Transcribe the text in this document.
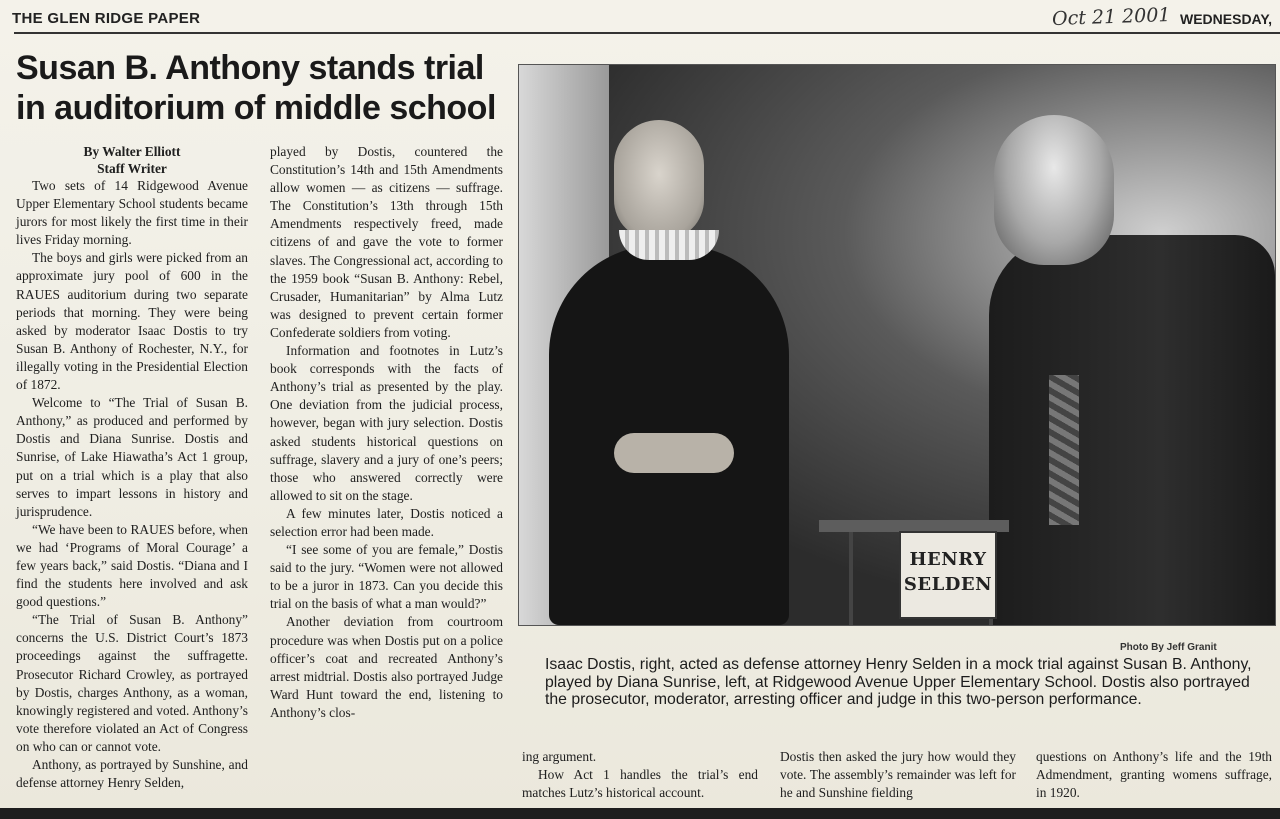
THE GLEN RIDGE PAPER	Oct 21 2001 WEDNESDAY,
Susan B. Anthony stands trial in auditorium of middle school
By Walter Elliott
Staff Writer

Two sets of 14 Ridgewood Avenue Upper Elementary School students became jurors for most likely the first time in their lives Friday morning.

The boys and girls were picked from an approximate jury pool of 600 in the RAUES auditorium during two separate periods that morning. They were being asked by moderator Isaac Dostis to try Susan B. Anthony of Rochester, N.Y., for illegally voting in the Presidential Election of 1872.

Welcome to “The Trial of Susan B. Anthony,” as produced and performed by Dostis and Diana Sunrise. Dostis and Sunrise, of Lake Hiawatha’s Act 1 group, put on a trial which is a play that also serves to impart lessons in history and jurisprudence.

“We have been to RAUES before, when we had ‘Programs of Moral Courage’ a few years back,” said Dostis. “Diana and I find the students here involved and ask good questions.”

“The Trial of Susan B. Anthony” concerns the U.S. District Court’s 1873 proceedings against the suffragette. Prosecutor Richard Crowley, as portrayed by Dostis, charges Anthony, as a woman, knowingly registered and voted. Anthony’s vote therefore violated an Act of Congress on who can or cannot vote.

Anthony, as portrayed by Sunshine, and defense attorney Henry Selden,

played by Dostis, countered the Constitution’s 14th and 15th Amendments allow women — as citizens — suffrage. The Constitution’s 13th through 15th Amendments respectively freed, made citizens of and gave the vote to former slaves. The Congressional act, according to the 1959 book “Susan B. Anthony: Rebel, Crusader, Humanitarian” by Alma Lutz was designed to prevent certain former Confederate soldiers from voting.

Information and footnotes in Lutz’s book corresponds with the facts of Anthony’s trial as presented by the play. One deviation from the judicial process, however, began with jury selection. Dostis asked students historical questions on suffrage, slavery and a jury of one’s peers; those who answered correctly were allowed to sit on the stage.

A few minutes later, Dostis noticed a selection error had been made.

“I see some of you are female,” Dostis said to the jury. “Women were not allowed to be a juror in 1873. Can you decide this trial on the basis of what a man would?”

Another deviation from courtroom procedure was when Dostis put on a police officer’s coat and recreated Anthony’s arrest midtrial. Dostis also portrayed Judge Ward Hunt toward the end, listening to Anthony’s clos-

HENRY
SELDEN
Photo By Jeff Granit
Isaac Dostis, right, acted as defense attorney Henry Selden in a mock trial against Susan B. Anthony, played by Diana Sunrise, left, at Ridgewood Avenue Upper Elementary School. Dostis also portrayed the prosecutor, moderator, arresting officer and judge in this two-person performance.

ing argument.

How Act 1 handles the trial’s end matches Lutz’s historical account.

Dostis then asked the jury how would they vote. The assembly’s remainder was left for he and Sunshine fielding

questions on Anthony’s life and the 19th Admendment, granting womens suffrage, in 1920.
